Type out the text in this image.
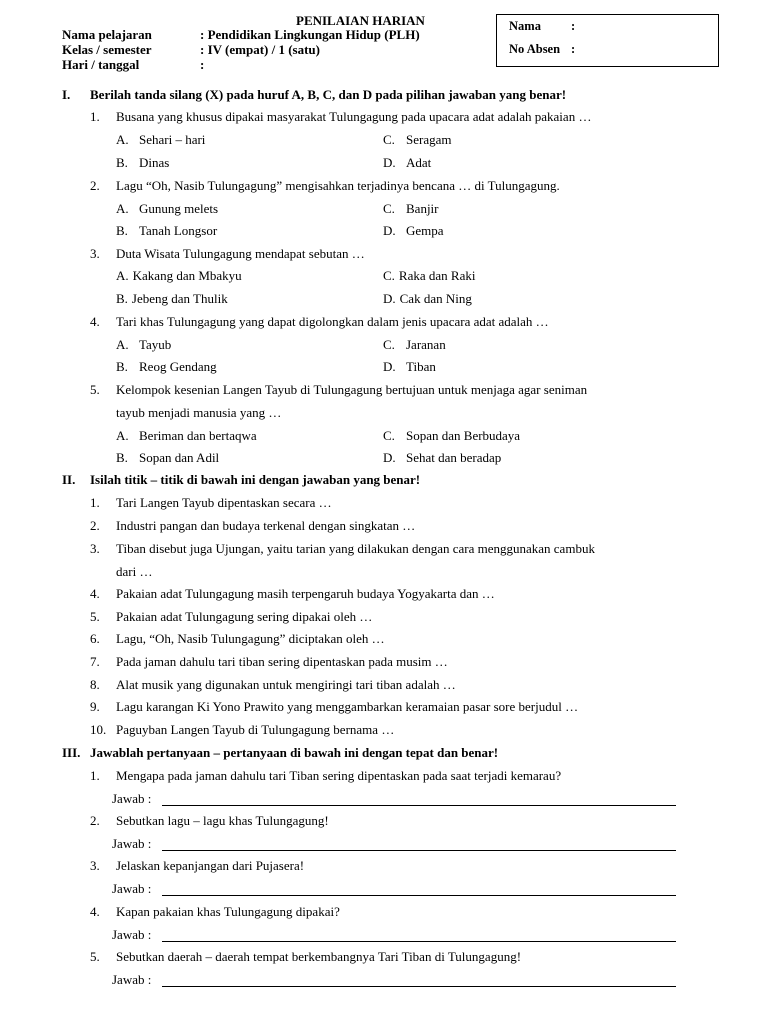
PENILAIAN HARIAN
Nama pelajaran	: Pendidikan Lingkungan Hidup (PLH)
Kelas / semester	: IV (empat) / 1 (satu)
Hari / tanggal	:
Nama :
No Absen :
I. Berilah tanda silang (X) pada huruf A, B, C, dan D pada pilihan jawaban yang benar!
1. Busana yang khusus dipakai masyarakat Tulungagung pada upacara adat adalah pakaian …
A. Sehari – hari	C. Seragam
B. Dinas	D. Adat
2. Lagu “Oh, Nasib Tulungagung” mengisahkan terjadinya bencana … di Tulungagung.
A. Gunung melets	C. Banjir
B. Tanah Longsor	D. Gempa
3. Duta Wisata Tulungagung mendapat sebutan …
A. Kakang dan Mbakyu	C. Raka dan Raki
B. Jebeng dan Thulik	D. Cak dan Ning
4. Tari khas Tulungagung yang dapat digolongkan dalam jenis upacara adat adalah …
A. Tayub	C. Jaranan
B. Reog Gendang	D. Tiban
5. Kelompok kesenian Langen Tayub di Tulungagung bertujuan untuk menjaga agar seniman
tayub menjadi manusia yang …
A. Beriman dan bertaqwa	C. Sopan dan Berbudaya
B. Sopan dan Adil	D. Sehat dan beradap
II. Isilah titik – titik di bawah ini dengan jawaban yang benar!
1. Tari Langen Tayub dipentaskan secara …
2. Industri pangan dan budaya terkenal dengan singkatan …
3. Tiban disebut juga Ujungan, yaitu tarian yang dilakukan dengan cara menggunakan cambuk
dari …
4. Pakaian adat Tulungagung masih terpengaruh budaya Yogyakarta dan …
5. Pakaian adat Tulungagung sering dipakai oleh …
6. Lagu, “Oh, Nasib Tulungagung” diciptakan oleh …
7. Pada jaman dahulu tari tiban sering dipentaskan pada musim …
8. Alat musik yang digunakan untuk mengiringi tari tiban adalah …
9. Lagu karangan Ki Yono Prawito yang menggambarkan keramaian pasar sore berjudul …
10. Paguyban Langen Tayub di Tulungagung bernama …
III. Jawablah pertanyaan – pertanyaan di bawah ini dengan tepat dan benar!
1. Mengapa pada jaman dahulu tari Tiban sering dipentaskan pada saat terjadi kemarau?
Jawab :
2. Sebutkan lagu – lagu khas Tulungagung!
Jawab :
3. Jelaskan kepanjangan dari Pujasera!
Jawab :
4. Kapan pakaian khas Tulungagung dipakai?
Jawab :
5. Sebutkan daerah – daerah tempat berkembangnya Tari Tiban di Tulungagung!
Jawab :
